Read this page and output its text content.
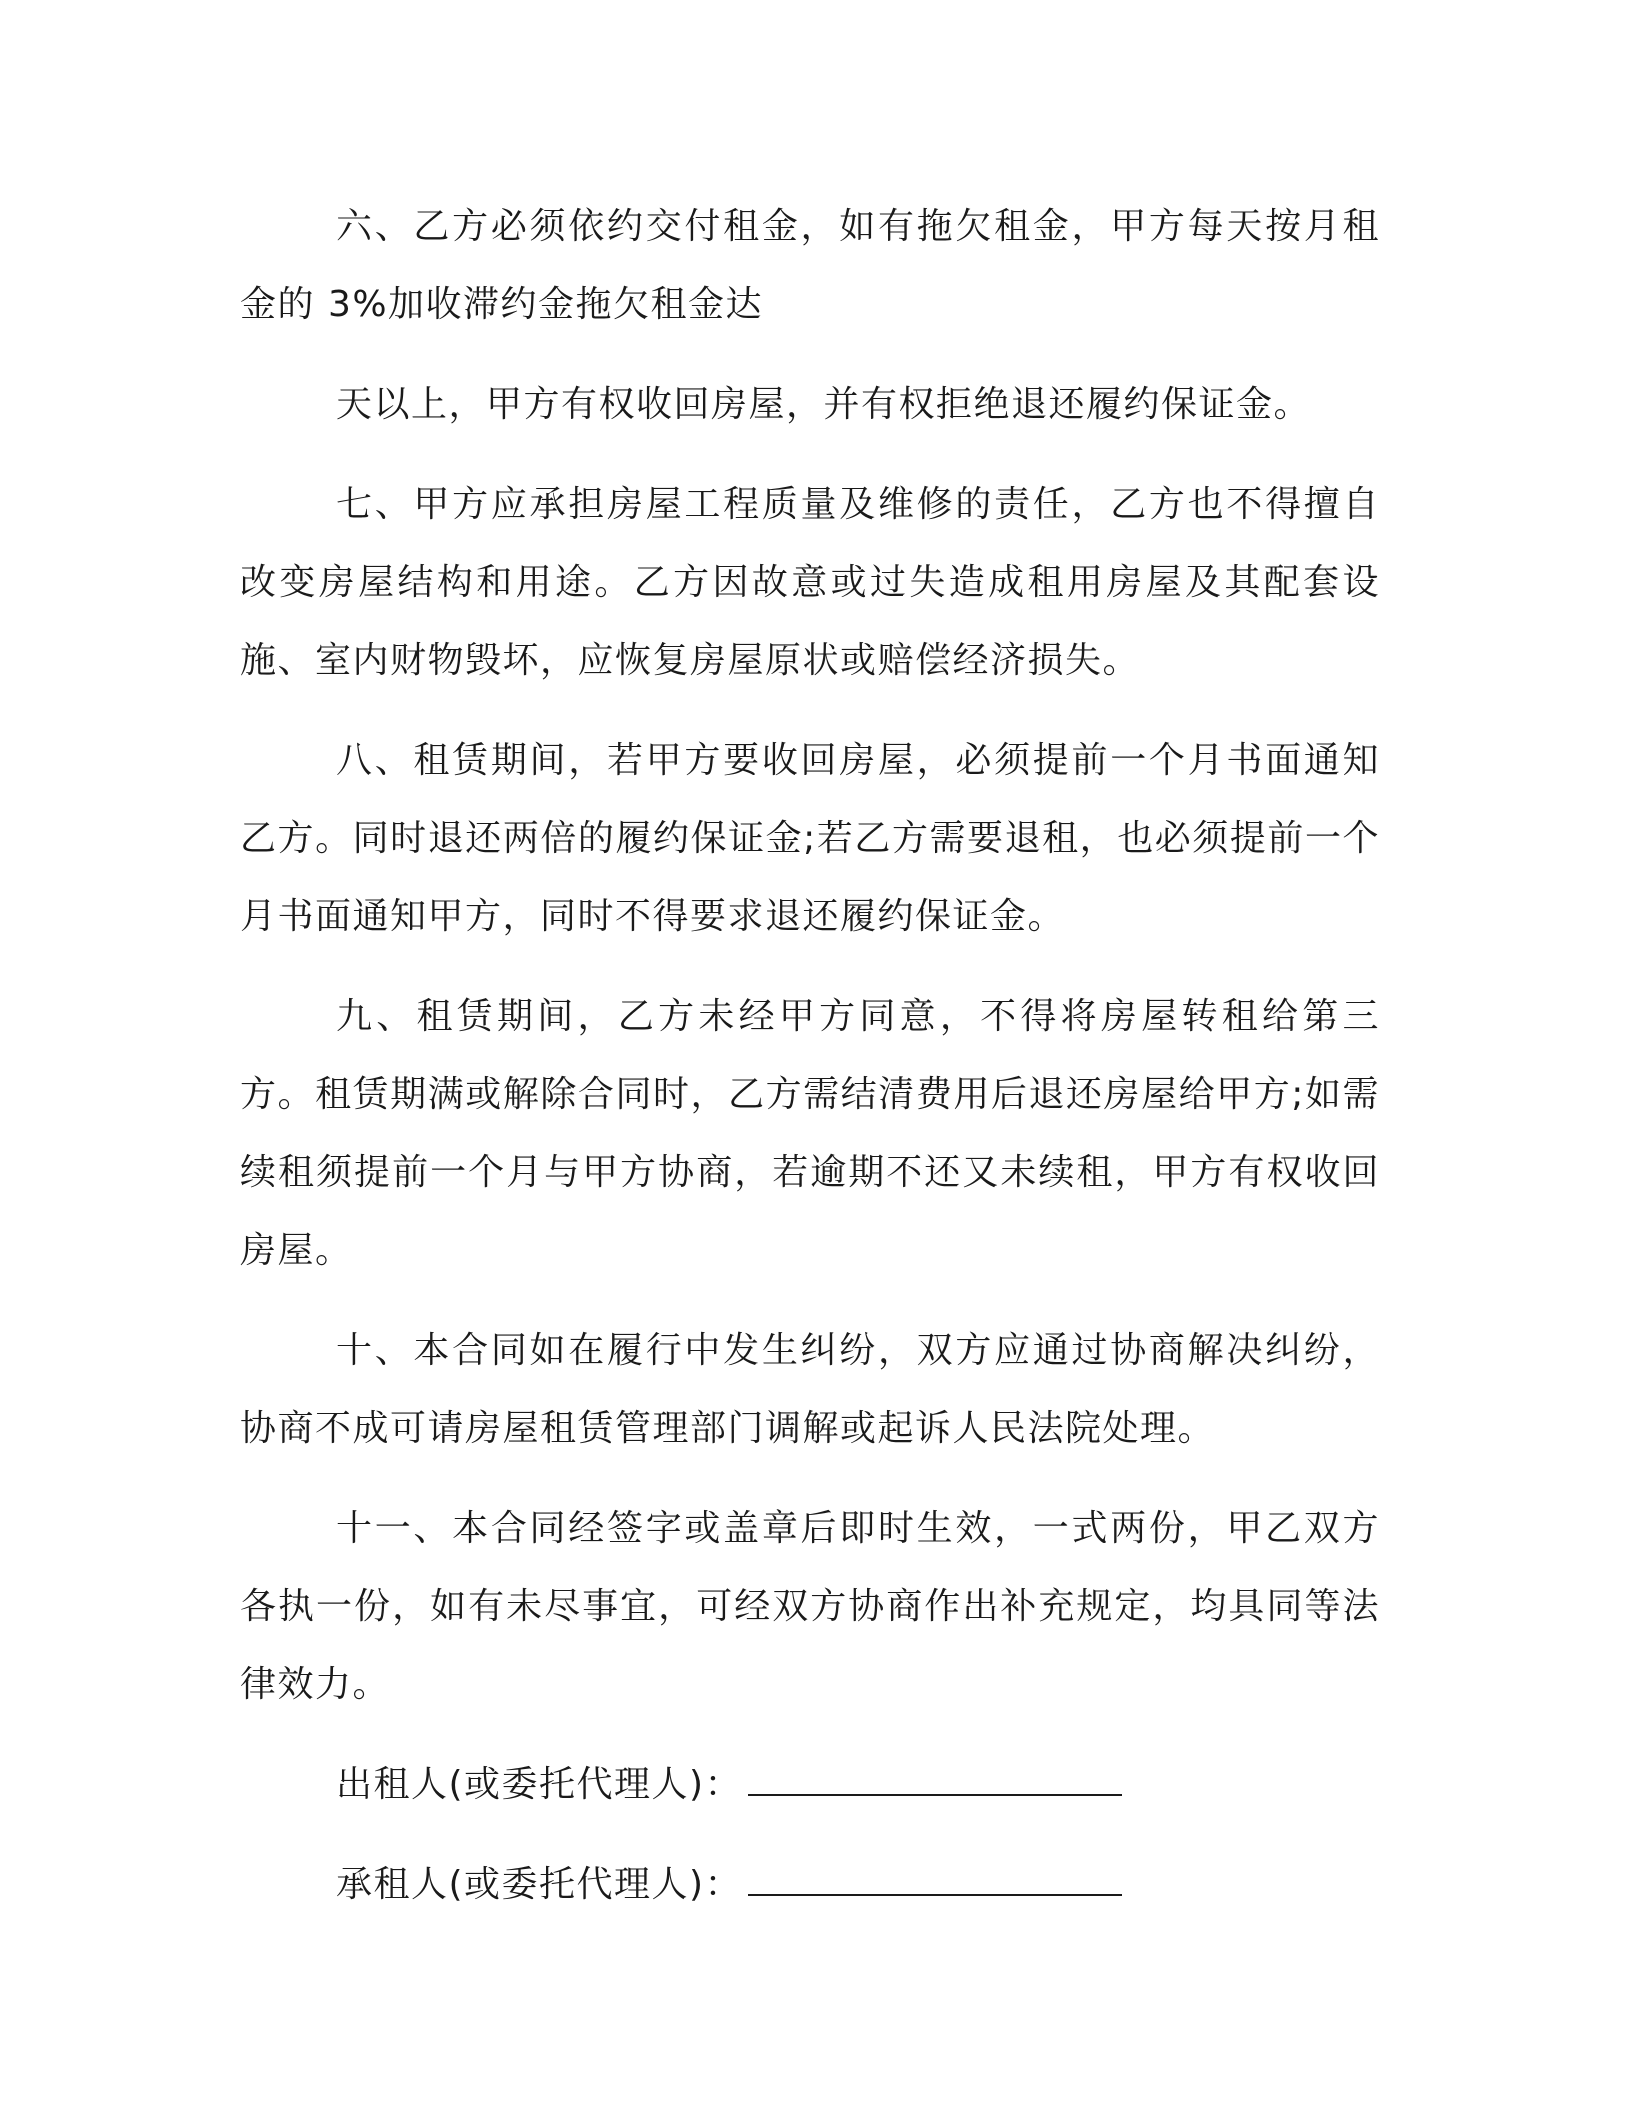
六、乙方必须依约交付租金，如有拖欠租金，甲方每天按月租金的 3%加收滞约金拖欠租金达

天以上，甲方有权收回房屋，并有权拒绝退还履约保证金。

七、甲方应承担房屋工程质量及维修的责任，乙方也不得擅自改变房屋结构和用途。乙方因故意或过失造成租用房屋及其配套设施、室内财物毁坏，应恢复房屋原状或赔偿经济损失。

八、租赁期间，若甲方要收回房屋，必须提前一个月书面通知乙方。同时退还两倍的履约保证金;若乙方需要退租，也必须提前一个月书面通知甲方，同时不得要求退还履约保证金。

九、租赁期间，乙方未经甲方同意，不得将房屋转租给第三方。租赁期满或解除合同时，乙方需结清费用后退还房屋给甲方;如需续租须提前一个月与甲方协商，若逾期不还又未续租，甲方有权收回房屋。

十、本合同如在履行中发生纠纷，双方应通过协商解决纠纷，协商不成可请房屋租赁管理部门调解或起诉人民法院处理。

十一、本合同经签字或盖章后即时生效，一式两份，甲乙双方各执一份，如有未尽事宜，可经双方协商作出补充规定，均具同等法律效力。

出租人(或委托代理人)：
承租人(或委托代理人)：
